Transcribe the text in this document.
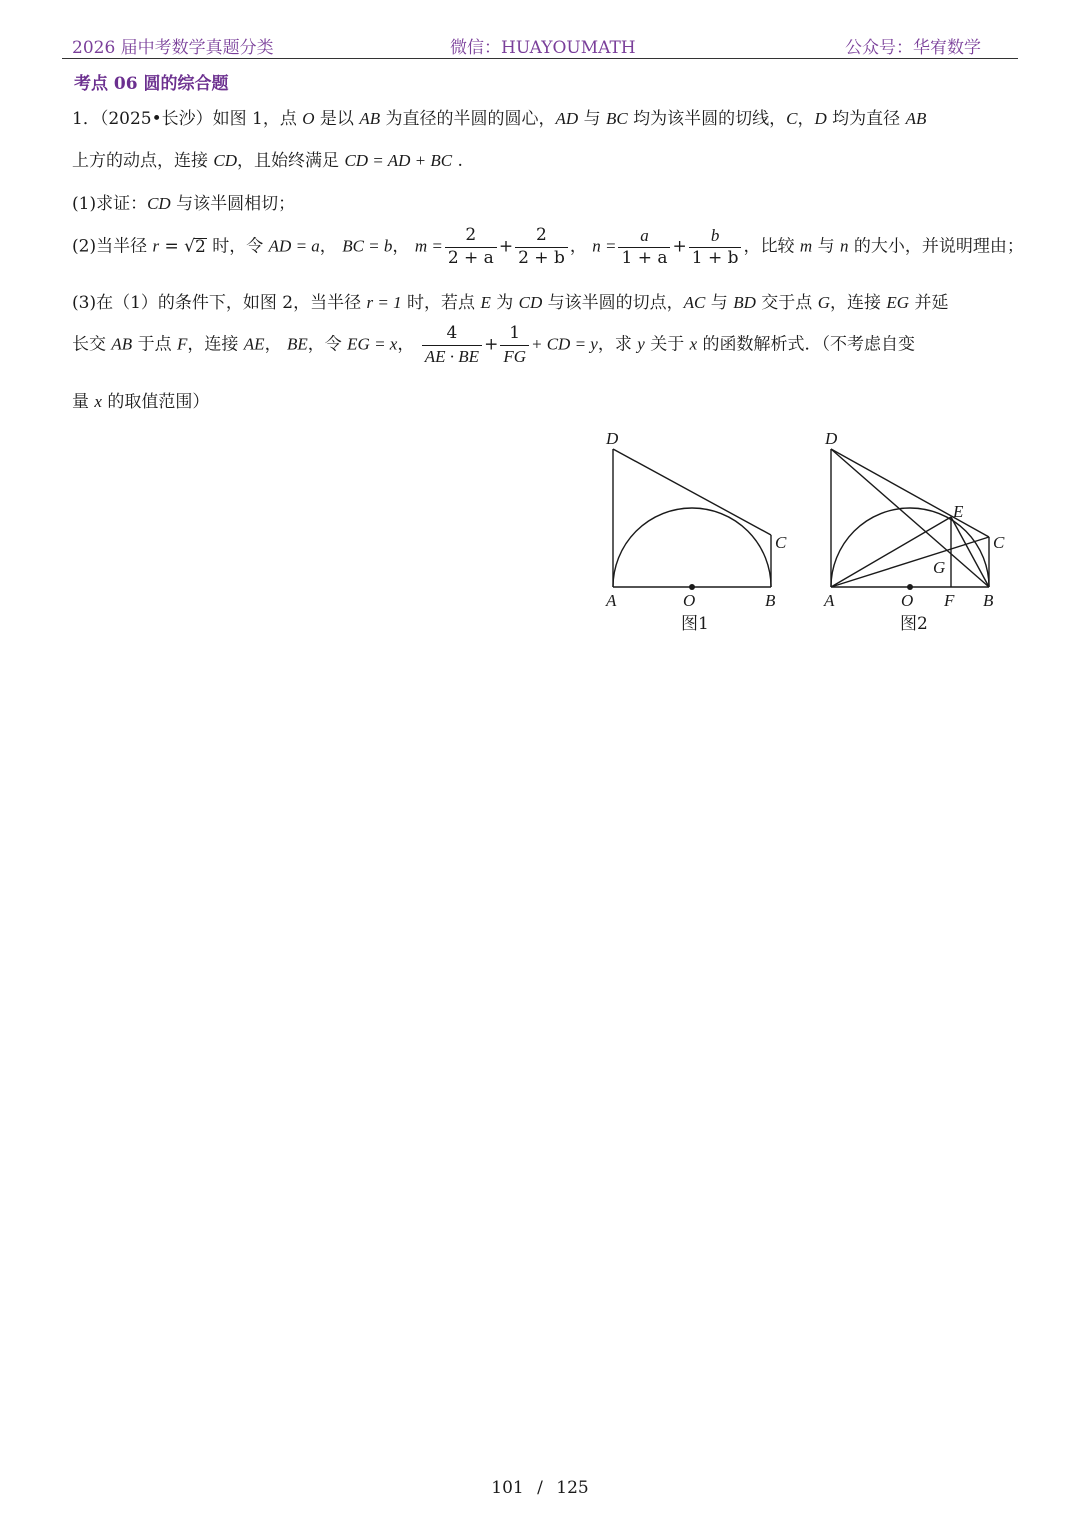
2026 届中考数学真题分类	微信：HUAYOUMATH	公众号：华宥数学
考点 06 圆的综合题
1．（2025•长沙）如图 1，点 O 是以 AB 为直径的半圆的圆心，AD 与 BC 均为该半圆的切线，C，D 均为直径 AB
上方的动点，连接 CD，且始终满足 CD = AD + BC .
(1)求证：CD 与该半圆相切；
(2)当半径 r = √2 时，令 AD = a， BC = b， $m = \frac{2}{2 + a} + \frac{2}{2 + b}$ ， $n = \frac{a}{1 + a} + \frac{b}{1 + b}$ ，比较 m 与 n 的大小，并说明理由；
(3)在（1）的条件下，如图 2，当半径 r = 1 时，若点 E 为 CD 与该半圆的切点，AC 与 BD 交于点 G，连接 EG 并延
长交 AB 于点 F，连接 AE， BE，令 EG = x， $\frac{4}{AE \cdot BE} + \frac{1}{FG}$ + CD = y，求 y 关于 x 的函数解析式．（不考虑自变
量 x 的取值范围）
D
C
A	O	B
图1
D
E
C
G
A	O F B
图2
101 / 125
